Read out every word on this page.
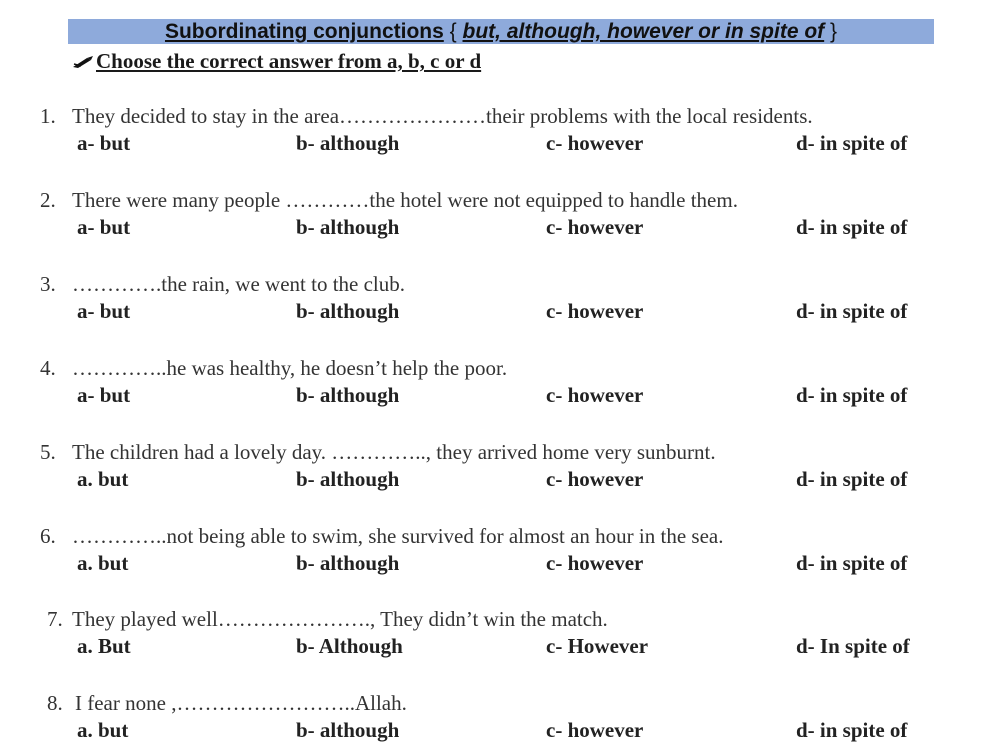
Subordinating conjunctions { but, although, however or in spite of }
Choose the correct answer from a, b, c or d
1. They decided to stay in the area…………………their problems with the local residents.
a- but	b- although	c- however	d- in spite of
2. There were many people …………the hotel were not equipped to handle them.
a- but	b- although	c- however	d- in spite of
3. ………….the rain, we went to the club.
a- but	b- although	c- however	d- in spite of
4. …………..he was healthy, he doesn’t help the poor.
a- but	b- although	c- however	d- in spite of
5. The children had a lovely day. ………….., they arrived home very sunburnt.
a. but	b- although	c- however	d- in spite of
6. …………..not being able to swim, she survived for almost an hour in the sea.
a. but	b- although	c- however	d- in spite of
7. They played well…………………., They didn’t win the match.
a. But	b- Although	c- However	d- In spite of
8. I fear none ,……………………..Allah.
a. but	b- although	c- however	d- in spite of
